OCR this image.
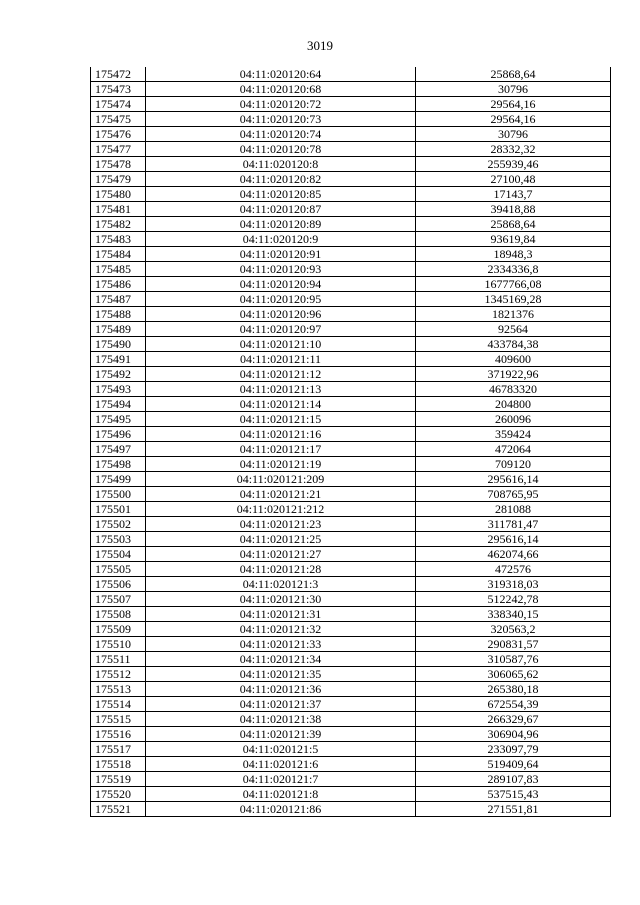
3019
175472	04:11:020120:64	25868,64
175473	04:11:020120:68	30796
175474	04:11:020120:72	29564,16
175475	04:11:020120:73	29564,16
175476	04:11:020120:74	30796
175477	04:11:020120:78	28332,32
175478	04:11:020120:8	255939,46
175479	04:11:020120:82	27100,48
175480	04:11:020120:85	17143,7
175481	04:11:020120:87	39418,88
175482	04:11:020120:89	25868,64
175483	04:11:020120:9	93619,84
175484	04:11:020120:91	18948,3
175485	04:11:020120:93	2334336,8
175486	04:11:020120:94	1677766,08
175487	04:11:020120:95	1345169,28
175488	04:11:020120:96	1821376
175489	04:11:020120:97	92564
175490	04:11:020121:10	433784,38
175491	04:11:020121:11	409600
175492	04:11:020121:12	371922,96
175493	04:11:020121:13	46783320
175494	04:11:020121:14	204800
175495	04:11:020121:15	260096
175496	04:11:020121:16	359424
175497	04:11:020121:17	472064
175498	04:11:020121:19	709120
175499	04:11:020121:209	295616,14
175500	04:11:020121:21	708765,95
175501	04:11:020121:212	281088
175502	04:11:020121:23	311781,47
175503	04:11:020121:25	295616,14
175504	04:11:020121:27	462074,66
175505	04:11:020121:28	472576
175506	04:11:020121:3	319318,03
175507	04:11:020121:30	512242,78
175508	04:11:020121:31	338340,15
175509	04:11:020121:32	320563,2
175510	04:11:020121:33	290831,57
175511	04:11:020121:34	310587,76
175512	04:11:020121:35	306065,62
175513	04:11:020121:36	265380,18
175514	04:11:020121:37	672554,39
175515	04:11:020121:38	266329,67
175516	04:11:020121:39	306904,96
175517	04:11:020121:5	233097,79
175518	04:11:020121:6	519409,64
175519	04:11:020121:7	289107,83
175520	04:11:020121:8	537515,43
175521	04:11:020121:86	271551,81
